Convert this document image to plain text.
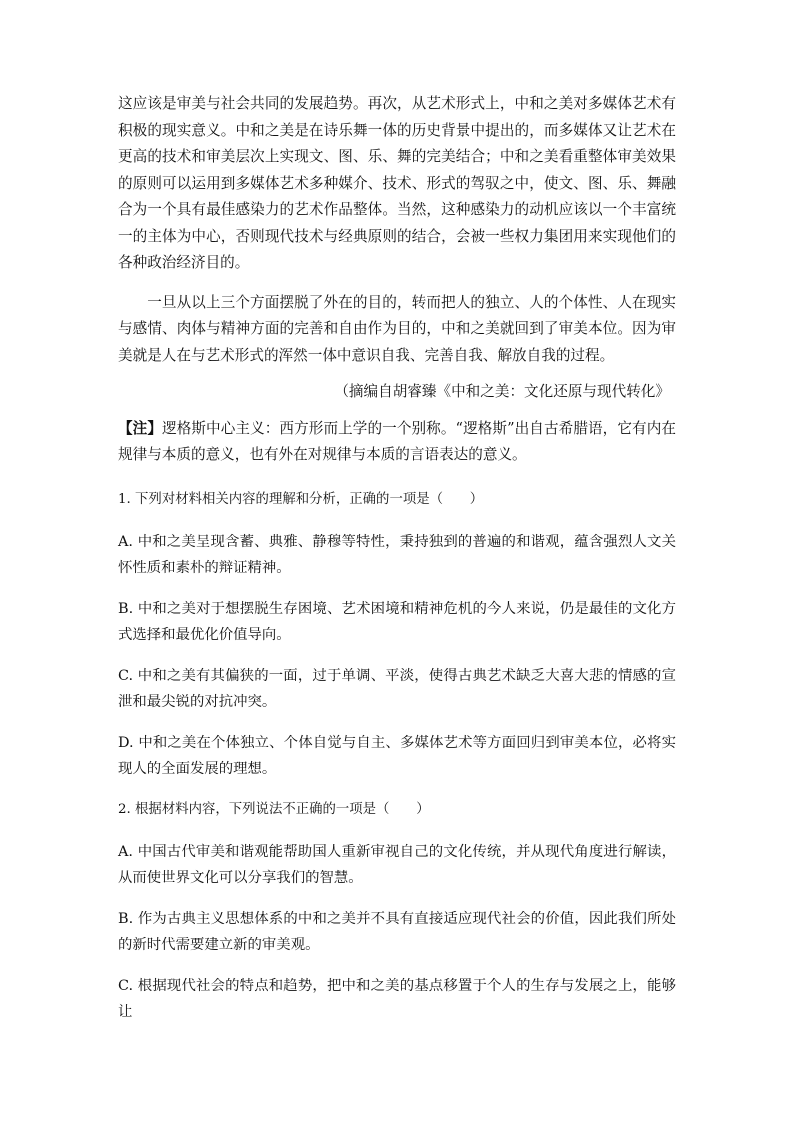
这应该是审美与社会共同的发展趋势。再次，从艺术形式上，中和之美对多媒体艺术有积极的现实意义。中和之美是在诗乐舞一体的历史背景中提出的，而多媒体又让艺术在更高的技术和审美层次上实现文、图、乐、舞的完美结合；中和之美看重整体审美效果的原则可以运用到多媒体艺术多种媒介、技术、形式的驾驭之中，使文、图、乐、舞融合为一个具有最佳感染力的艺术作品整体。当然，这种感染力的动机应该以一个丰富统一的主体为中心，否则现代技术与经典原则的结合，会被一些权力集团用来实现他们的各种政治经济目的。

一旦从以上三个方面摆脱了外在的目的，转而把人的独立、人的个体性、人在现实与感情、肉体与精神方面的完善和自由作为目的，中和之美就回到了审美本位。因为审美就是人在与艺术形式的浑然一体中意识自我、完善自我、解放自我的过程。

（摘编自胡睿臻《中和之美：文化还原与现代转化》

【注】逻格斯中心主义：西方形而上学的一个别称。“逻格斯”出自古希腊语，它有内在规律与本质的意义，也有外在对规律与本质的言语表达的意义。

1. 下列对材料相关内容的理解和分析，正确的一项是（　　）

A. 中和之美呈现含蓄、典雅、静穆等特性，秉持独到的普遍的和谐观，蕴含强烈人文关怀性质和素朴的辩证精神。

B. 中和之美对于想摆脱生存困境、艺术困境和精神危机的今人来说，仍是最佳的文化方式选择和最优化价值导向。

C. 中和之美有其偏狭的一面，过于单调、平淡，使得古典艺术缺乏大喜大悲的情感的宣泄和最尖锐的对抗冲突。

D. 中和之美在个体独立、个体自觉与自主、多媒体艺术等方面回归到审美本位，必将实现人的全面发展的理想。

2. 根据材料内容，下列说法不正确的一项是（　　）

A. 中国古代审美和谐观能帮助国人重新审视自己的文化传统，并从现代角度进行解读，从而使世界文化可以分享我们的智慧。

B. 作为古典主义思想体系的中和之美并不具有直接适应现代社会的价值，因此我们所处的新时代需要建立新的审美观。

C. 根据现代社会的特点和趋势，把中和之美的基点移置于个人的生存与发展之上，能够让
